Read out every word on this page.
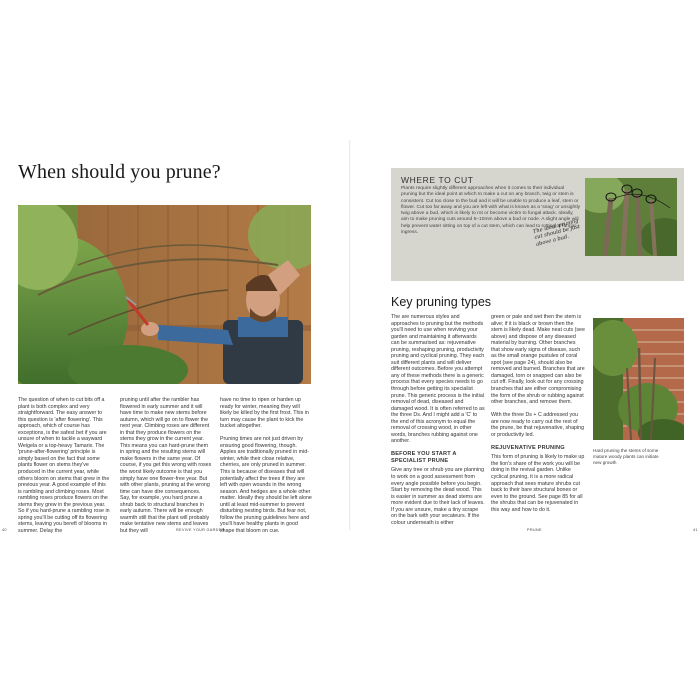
When should you prune?

The question of when to cut bits off a plant is both complex and very straightforward. The easy answer to this question is 'after flowering'. This approach, which of course has exceptions, is the safest bet if you are unsure of when to tackle a wayward Weigela or a top-heavy Tamarix. The 'prune-after-flowering' principle is simply based on the fact that some plants flower on stems they've produced in the current year, while others bloom on stems that grew in the previous year. A good example of this is rambling and climbing roses. Most rambling roses produce flowers on the stems they grew in the previous year. So if you hard-prune a rambling rose in spring you'll be cutting off its flowering stems, leaving you bereft of blooms in summer. Delay the

pruning until after the rambler has flowered in early summer and it will have time to make new stems before autumn, which will go on to flower the next year. Climbing roses are different in that they produce flowers on the stems they grow in the current year. This means you can hard-prune them in spring and the resulting stems will make flowers in the same year. Of course, if you get this wrong with roses the worst likely outcome is that you simply have one flower-free year. But with other plants, pruning at the wrong time can have dire consequences. Say, for example, you hard prune a shrub back to structural branches in early autumn. There will be enough warmth still that the plant will probably make tentative new stems and leaves but they will

have no time to ripen or harden up ready for winter, meaning they will likely be killed by the first frost. This in turn may cause the plant to kick the bucket altogether.

Pruning times are not just driven by ensuring good flowering, though. Apples are traditionally pruned in mid-winter, while their close relative, cherries, are only pruned in summer. This is because of diseases that will potentially affect the trees if they are left with open wounds in the wrong season. And hedges are a whole other matter. Ideally they should be left alone until at least mid-summer to prevent disturbing nesting birds. But fear not, follow the pruning guidelines here and you'll have healthy plants in good shape that bloom on cue.

40	REVIVE YOUR GARDEN
WHERE TO CUT
Plants require slightly different approaches when it comes to their individual pruning but the ideal point at which to make a cut on any branch, twig or stem is consistent. Cut too close to the bud and it will be unable to produce a leaf, stem or flower. Cut too far away and you are left with what is known as a 'snag' or unsightly twig above a bud, which is likely to rot or become victim to fungal attack. Ideally, aim to make pruning cuts around 5–10mm above a bud or node. A slight angle will help prevent water sitting on top of a cut stem, which can lead to rotting or fungal ingress.	The ideal pruning cut should be just above a bud.
Key pruning types

The are numerous styles and approaches to pruning but the methods you'll need to use when reviving your garden and maintaining it afterwards can be summarised as: rejuvenative pruning, reshaping pruning, productivity pruning and cyclical pruning. They each suit different plants and will deliver different outcomes. Before you attempt any of these methods there is a generic process that every species needs to go through before getting its specialist prune. This generic process is the initial removal of dead, diseased and damaged wood. It is often referred to as the three Ds. And I might add a 'C' to the end of this acronym to equal the removal of crossing wood, in other words, branches rubbing against one another.

BEFORE YOU START A SPECIALIST PRUNE

Give any tree or shrub you are planning to work on a good assessment from every angle possible before you begin. Start by removing the dead wood. This is easier in summer as dead stems are more evident due to their lack of leaves. If you are unsure, make a tiny scrape on the bark with your secateurs. If the colour underneath is either

green or pale and wet then the stem is alive; if it is black or brown then the stem is likely dead. Make neat cuts (see above) and dispose of any diseased material by burning. Other branches that show early signs of disease, such as the small orange pustules of coral spot (see page 24), should also be removed and burned. Branches that are damaged, torn or snapped can also be cut off. Finally, look out for any crossing branches that are either compromising the form of the shrub or rubbing against other branches, and remove them.

With the three Ds + C addressed you are now ready to carry out the rest of the prune, be that rejuvenative, shaping or productivity led.

REJUVENATIVE PRUNING

This form of pruning is likely to make up the lion's share of the work you will be doing in the revival garden. Unlike cyclical pruning, it is a more radical approach that sees mature shrubs cut back to their bare structural bones or even to the ground. See page 85 for all the shrubs that can be rejuvenated in this way and how to do it.

Hard pruning the stems of some mature woody plants can initiate new growth
PRUNE	41
